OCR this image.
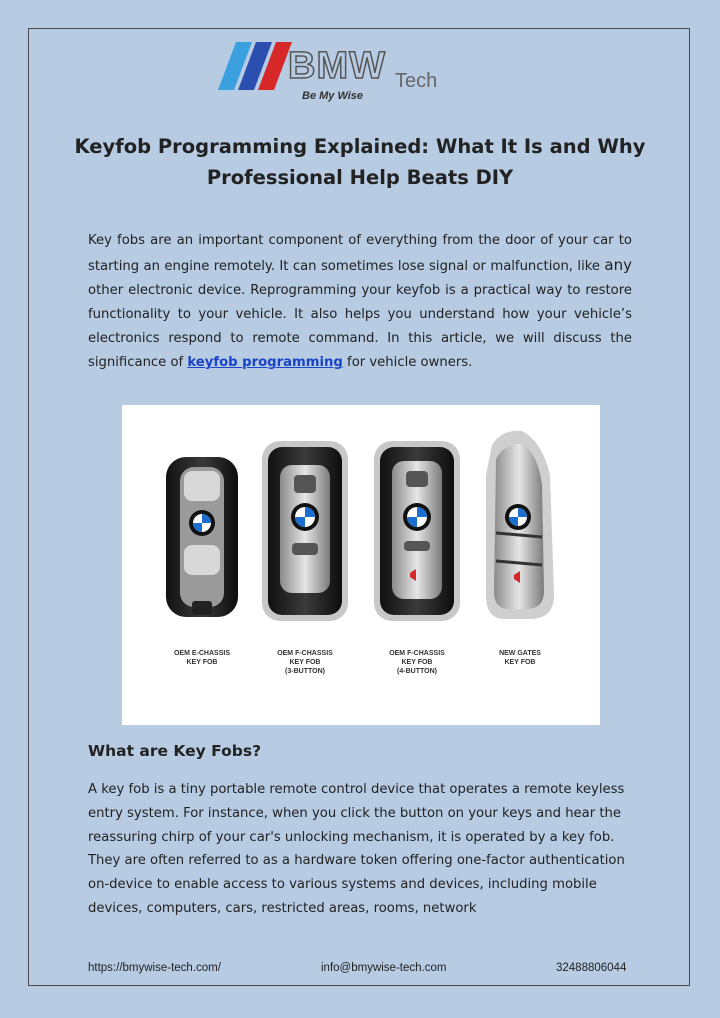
BMW Tech
Be My Wise
Keyfob Programming Explained: What It Is and Why
Professional Help Beats DIY

Key fobs are an important component of everything from the door of your car to starting an engine remotely. It can sometimes lose signal or malfunction, like any other electronic device. Reprogramming your keyfob is a practical way to restore functionality to your vehicle. It also helps you understand how your vehicle’s electronics respond to remote command. In this article, we will discuss the significance of keyfob programming for vehicle owners.

OEM E-CHASSIS
KEY FOB
OEM F-CHASSIS
KEY FOB
(3-BUTTON)
OEM F-CHASSIS
KEY FOB
(4-BUTTON)
NEW GATES
KEY FOB
What are Key Fobs?

A key fob is a tiny portable remote control device that operates a remote keyless entry system. For instance, when you click the button on your keys and hear the reassuring chirp of your car's unlocking mechanism, it is operated by a key fob. They are often referred to as a hardware token offering one-factor authentication on-device to enable access to various systems and devices, including mobile devices, computers, cars, restricted areas, rooms, network

https://bmywise-tech.com/	info@bmywise-tech.com	32488806044
